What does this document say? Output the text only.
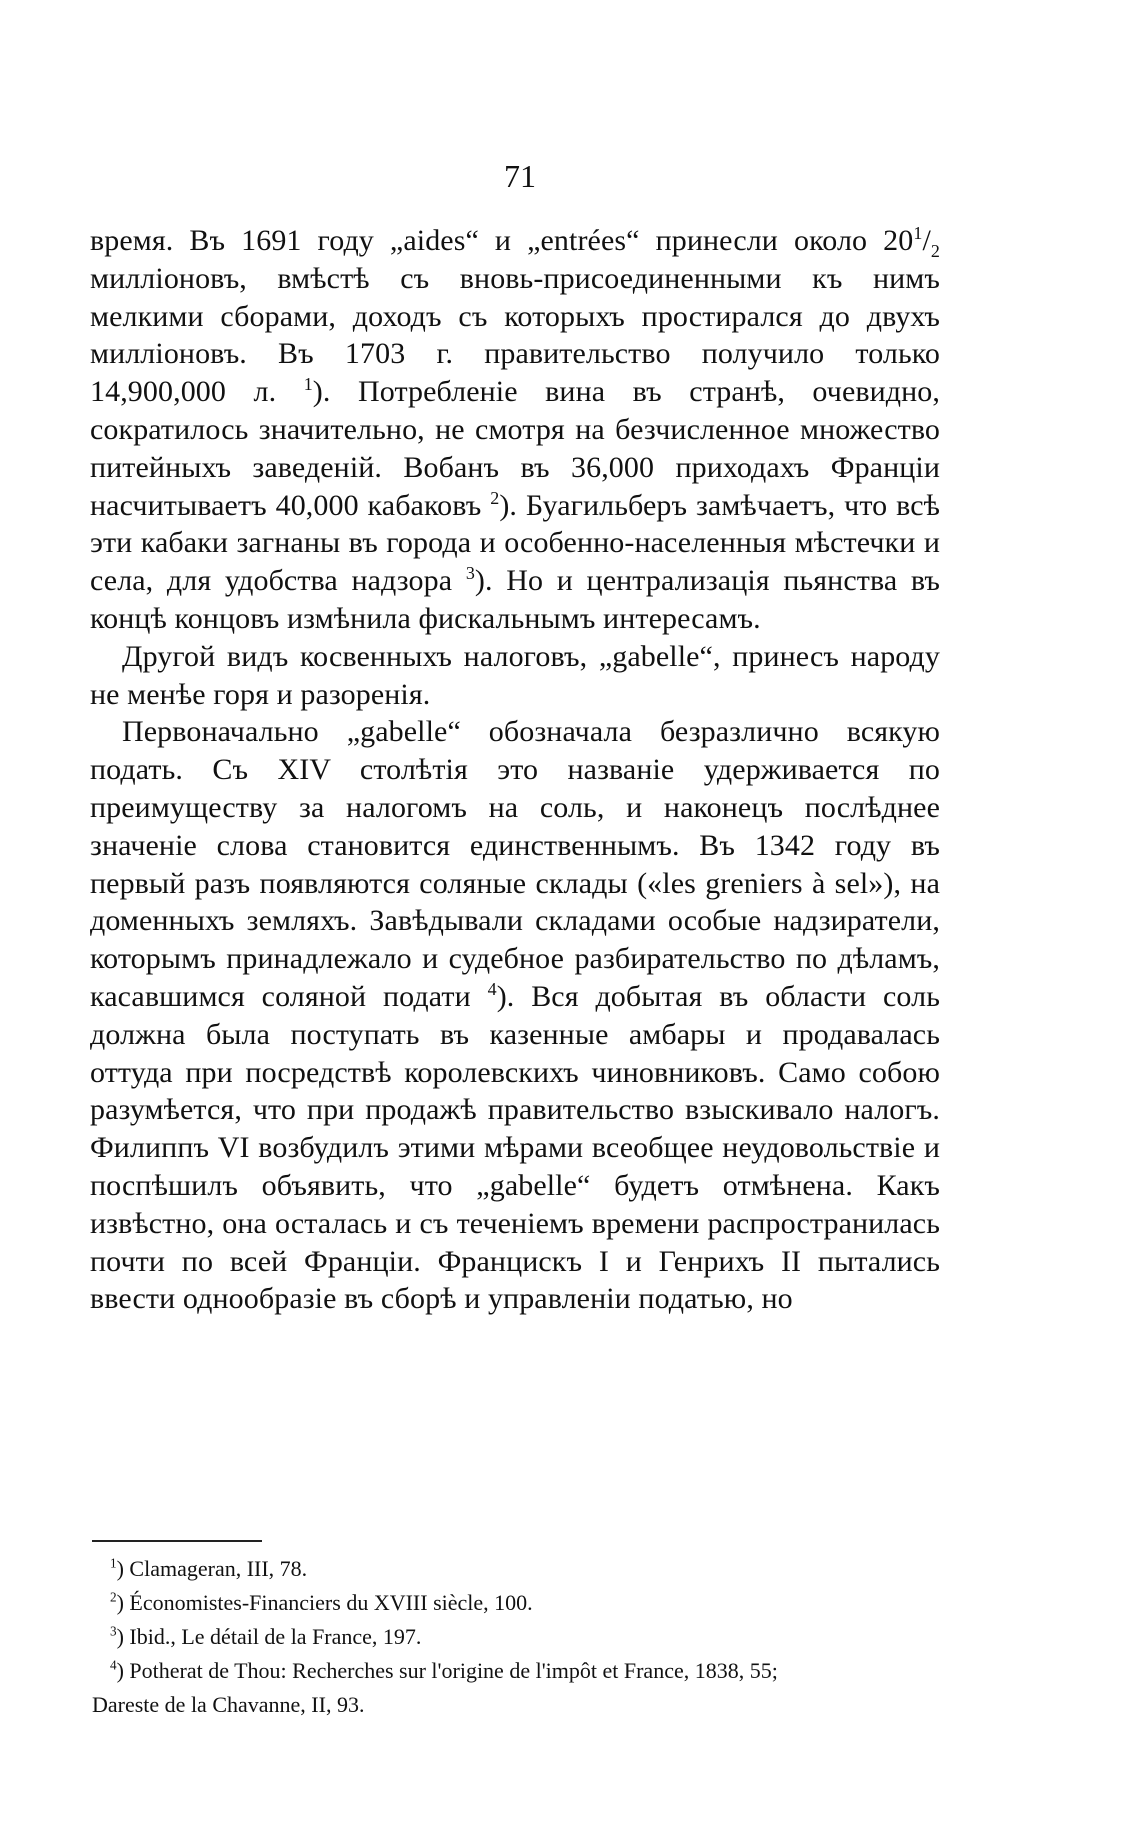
71

время. Въ 1691 году „aides“ и „entrées“ принесли около $20^1/_2$ милліоновъ, вмѣстѣ съ вновь-присоединенными къ нимъ мелкими сборами, доходъ съ которыхъ простирался до двухъ милліоновъ. Въ 1703 г. правительство получило только 14,900,000 л. $^1$). Потребленіе вина въ странѣ, очевидно, сократилось значительно, не смотря на безчисленное множество питейныхъ заведеній. Вобанъ въ 36,000 приходахъ Франціи насчитываетъ 40,000 кабаковъ $^2$). Буагильберъ замѣчаетъ, что всѣ эти кабаки загнаны въ города и особенно-населенныя мѣстечки и села, для удобства надзора $^3$). Но и централизація пьянства въ концѣ концовъ измѣнила фискальнымъ интересамъ.

Другой видъ косвенныхъ налоговъ, „gabelle“, принесъ народу не менѣе горя и разоренія.

Первоначально „gabelle“ обозначала безразлично всякую подать. Съ XIV столѣтія это названіе удерживается по преимуществу за налогомъ на соль, и наконецъ послѣднее значеніе слова становится единственнымъ. Въ 1342 году въ первый разъ появляются соляные склады («les greniers à sel»), на доменныхъ земляхъ. Завѣдывали складами особые надзиратели, которымъ принадлежало и судебное разбирательство по дѣламъ, касавшимся соляной подати $^4$). Вся добытая въ области соль должна была поступать въ казенные амбары и продавалась оттуда при посредствѣ королевскихъ чиновниковъ. Само собою разумѣется, что при продажѣ правительство взыскивало налогъ. Филиппъ VI возбудилъ этими мѣрами всеобщее неудовольствіе и поспѣшилъ объявить, что „gabelle“ будетъ отмѣнена. Какъ извѣстно, она осталась и съ теченіемъ времени распространилась почти по всей Франціи. Францискъ I и Генрихъ II пытались ввести однообразіе въ сборѣ и управленіи податью, но

$^1$) Clamageran, III, 78.

$^2$) Économistes-Financiers du XVIII siècle, 100.

$^3$) Ibid., Le détail de la France, 197.

$^4$) Potherat de Thou: Recherches sur l'origine de l'impôt et France, 1838, 55;

Dareste de la Chavanne, II, 93.
